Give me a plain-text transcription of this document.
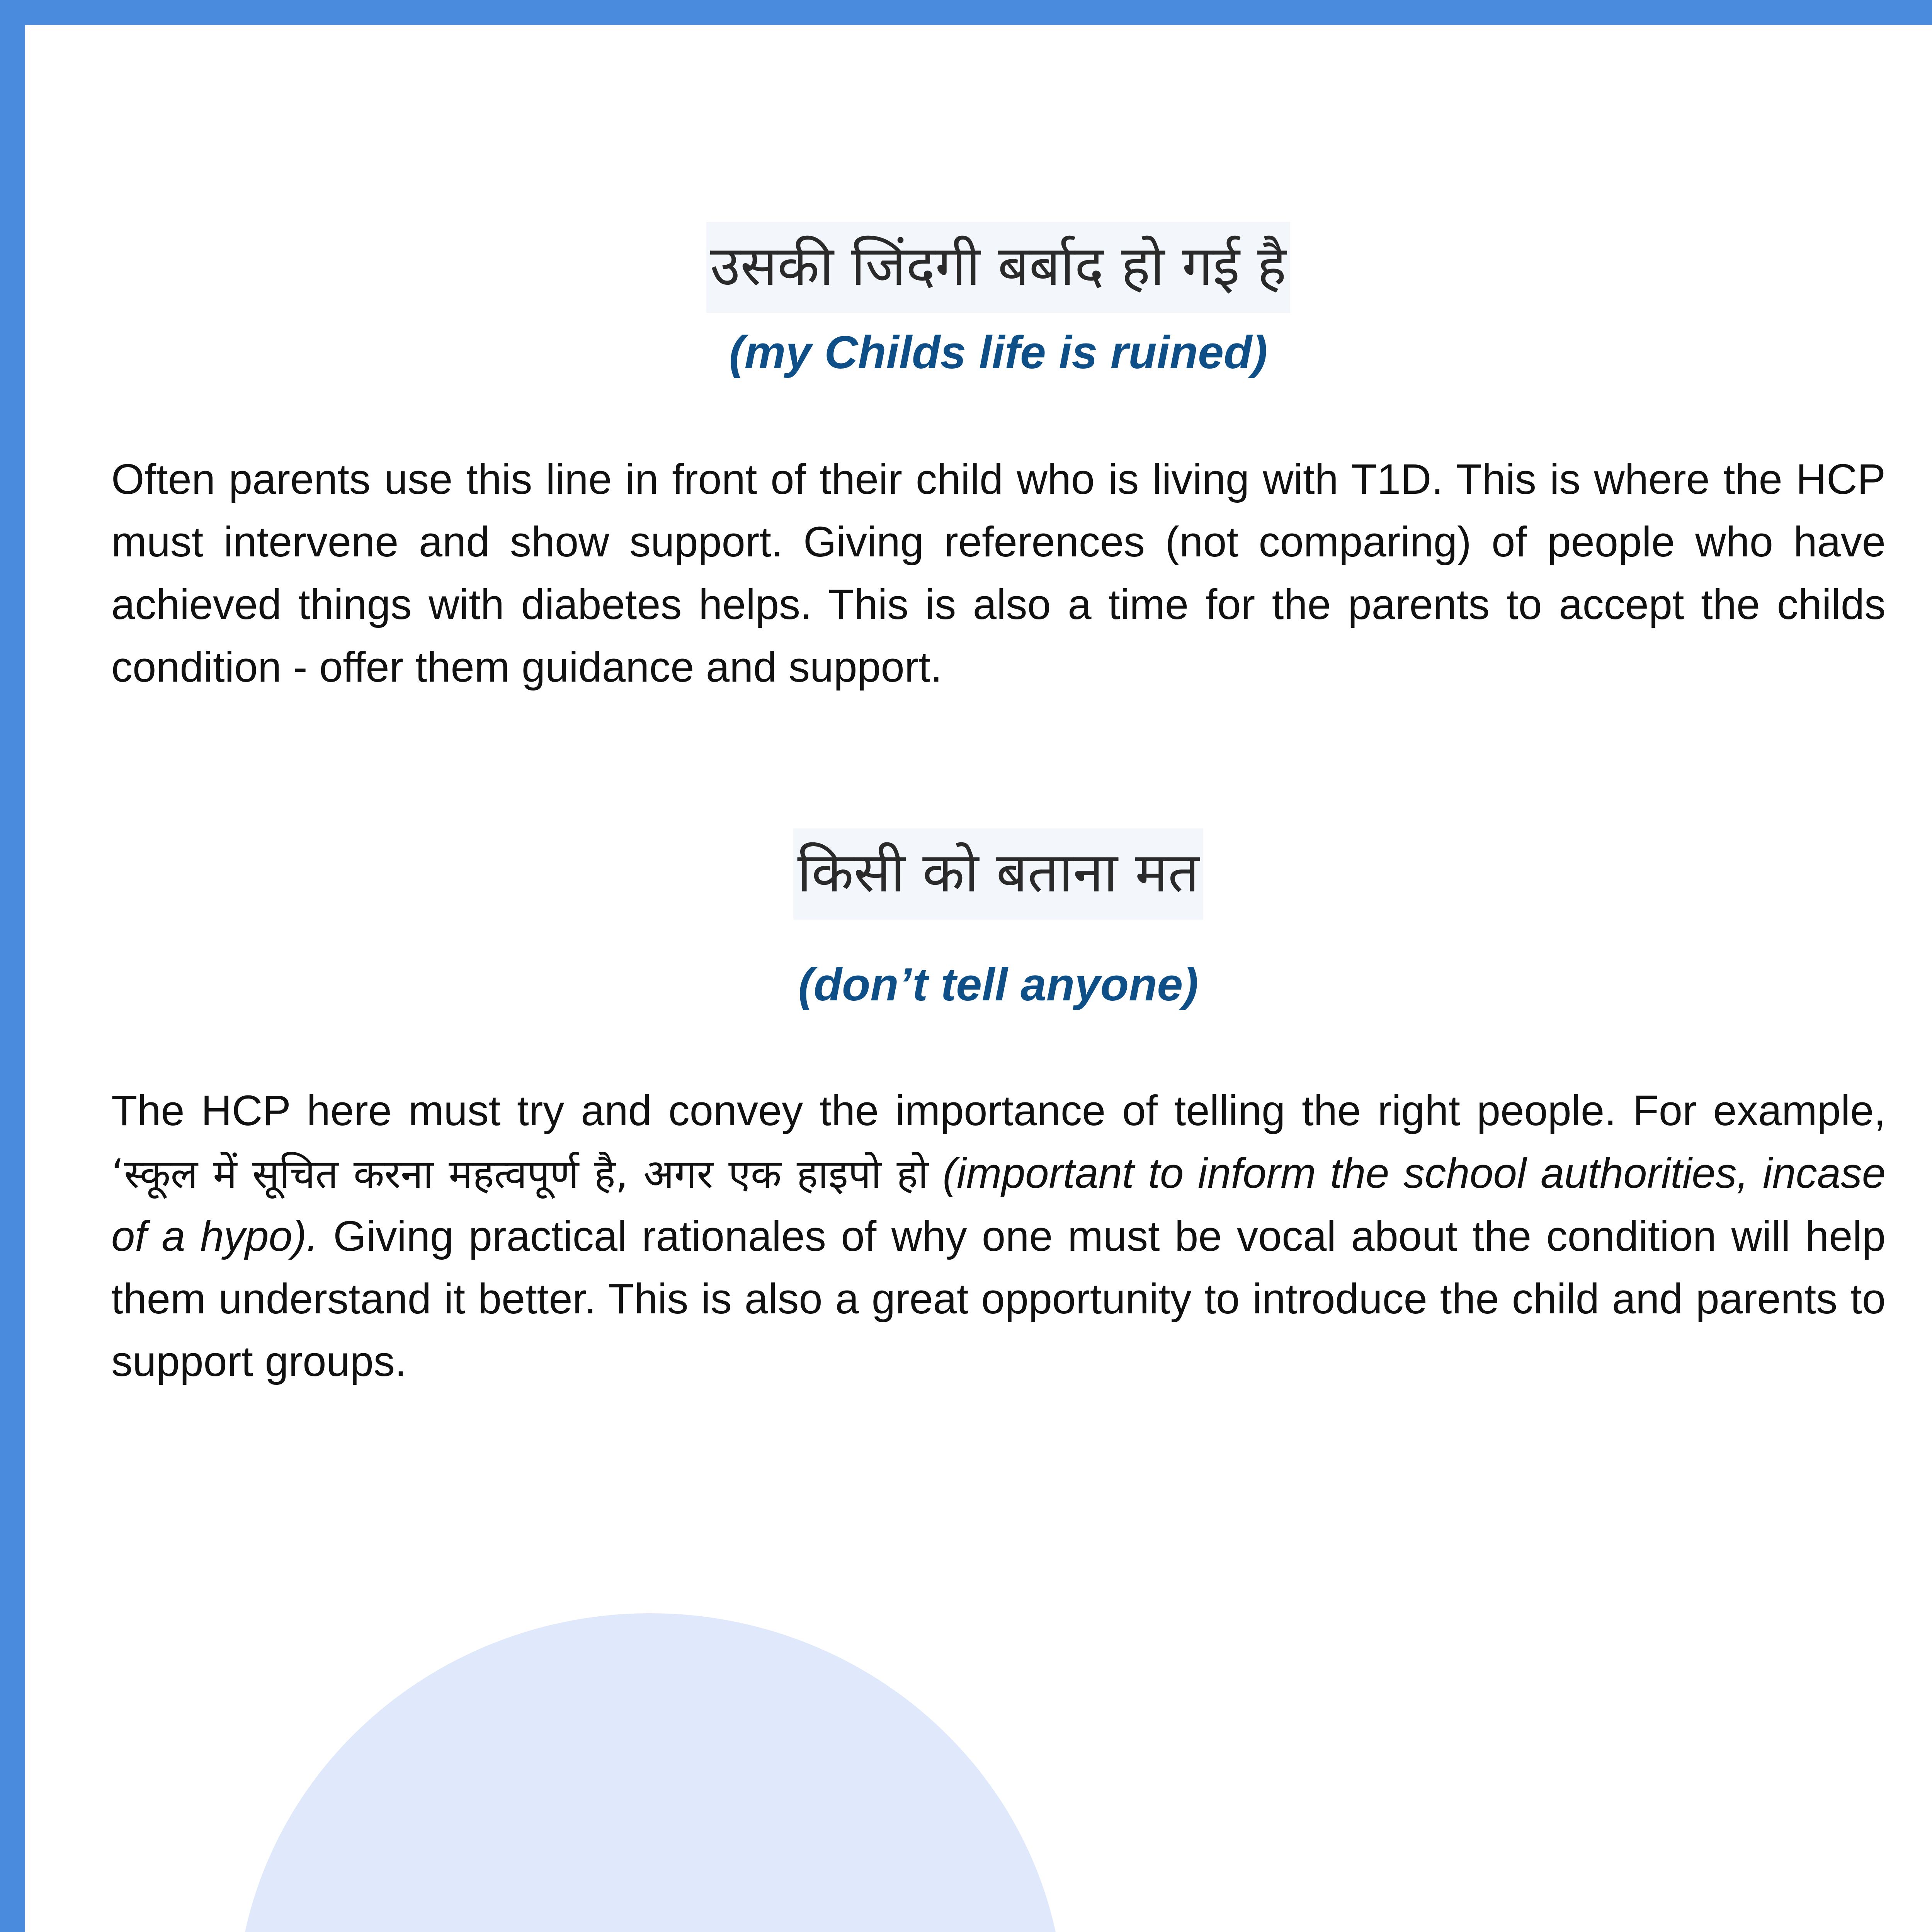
उसकी जिंदगी बर्बाद हो गई है
(my Childs life is ruined)

Often parents use this line in front of their child who is living with T1D. This is where the HCP must intervene and show support. Giving references (not comparing) of people who have achieved things with diabetes helps. This is also a time for the parents to accept the childs condition - offer them guidance and support.

किसी को बताना मत
(don’t tell anyone)

The HCP here must try and convey the importance of telling the right people. For example, ‘स्कूल में सूचित करना महत्वपूर्ण है, अगर एक हाइपो हो (important to inform the school authorities, incase of a hypo). Giving practical rationales of why one must be vocal about the condition will help them understand it better. This is also a great opportunity to introduce the child and parents to support groups.
